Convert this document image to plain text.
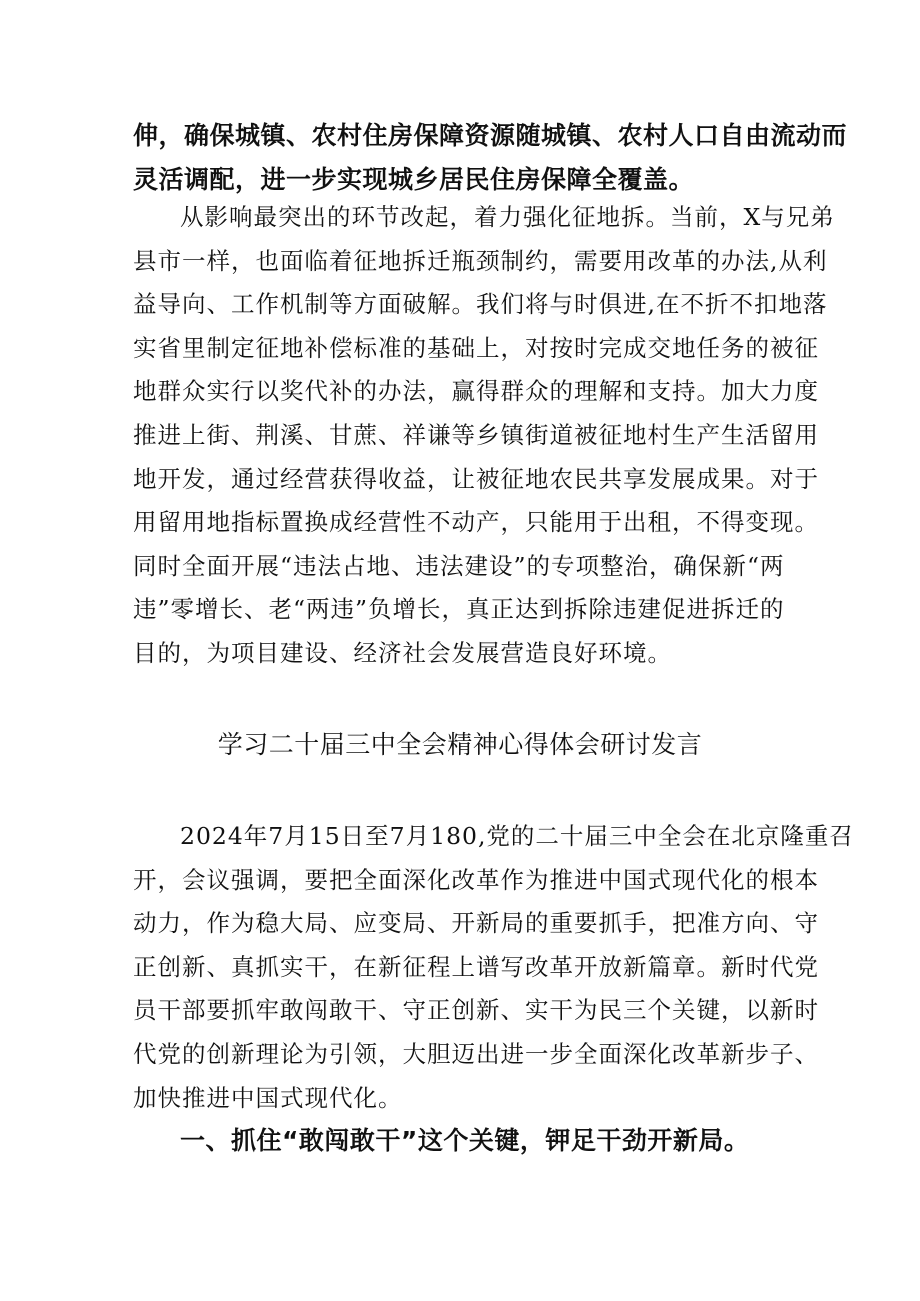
伸，确保城镇、农村住房保障资源随城镇、农村人口自由流动而
灵活调配，进一步实现城乡居民住房保障全覆盖。
从影响最突出的环节改起，着力强化征地拆。当前，X与兄弟
县市一样，也面临着征地拆迁瓶颈制约，需要用改革的办法,从利
益导向、工作机制等方面破解。我们将与时俱进,在不折不扣地落
实省里制定征地补偿标准的基础上，对按时完成交地任务的被征
地群众实行以奖代补的办法，赢得群众的理解和支持。加大力度
推进上街、荆溪、甘蔗、祥谦等乡镇街道被征地村生产生活留用
地开发，通过经营获得收益，让被征地农民共享发展成果。对于
用留用地指标置换成经营性不动产，只能用于出租，不得变现。
同时全面开展“违法占地、违法建设”的专项整治，确保新“两
违”零增长、老“两违”负增长，真正达到拆除违建促进拆迁的
目的，为项目建设、经济社会发展营造良好环境。
学习二十届三中全会精神心得体会研讨发言
2024年7月15日至7月180,党的二十届三中全会在北京隆重召
开，会议强调，要把全面深化改革作为推进中国式现代化的根本
动力，作为稳大局、应变局、开新局的重要抓手，把准方向、守
正创新、真抓实干，在新征程上谱写改革开放新篇章。新时代党
员干部要抓牢敢闯敢干、守正创新、实干为民三个关键，以新时
代党的创新理论为引领，大胆迈出进一步全面深化改革新步子、
加快推进中国式现代化。
一、抓住“敢闯敢干”这个关键，钾足干劲开新局。
